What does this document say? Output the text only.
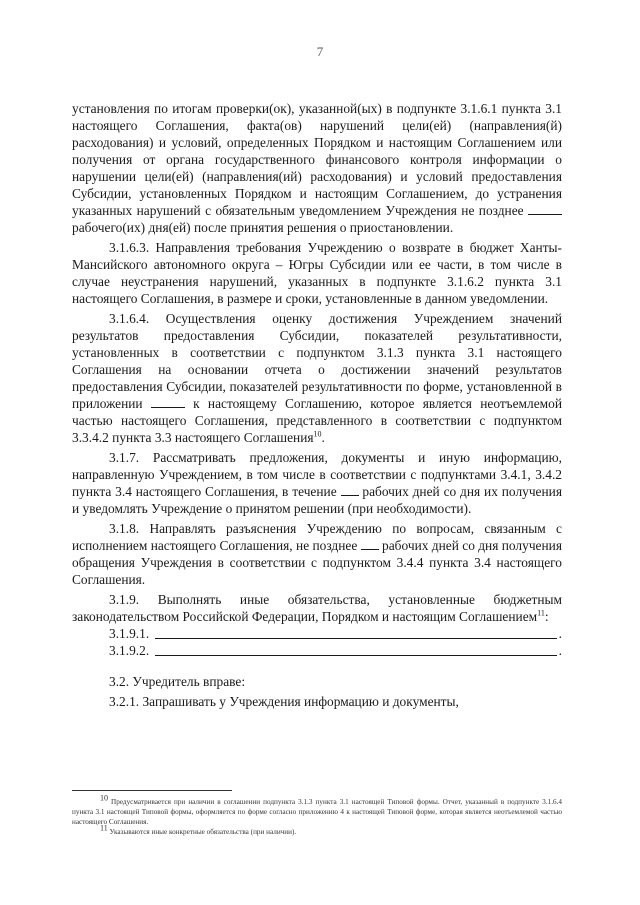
7

установления по итогам проверки(ок), указанной(ых) в подпункте 3.1.6.1 пункта 3.1 настоящего Соглашения, факта(ов) нарушений цели(ей) (направления(й) расходования) и условий, определенных Порядком и настоящим Соглашением или получения от органа государственного финансового контроля информации о нарушении цели(ей) (направления(ий) расходования) и условий предоставления Субсидии, установленных Порядком и настоящим Соглашением, до устранения указанных нарушений с обязательным уведомлением Учреждения не позднее  рабочего(их) дня(ей) после принятия решения о приостановлении.

3.1.6.3. Направления требования Учреждению о возврате в бюджет Ханты-Мансийского автономного округа – Югры Субсидии или ее части, в том числе в случае неустранения нарушений, указанных в подпункте 3.1.6.2 пункта 3.1 настоящего Соглашения, в размере и сроки, установленные в данном уведомлении.

3.1.6.4. Осуществления оценку достижения Учреждением значений результатов предоставления Субсидии, показателей результативности, установленных в соответствии с подпунктом 3.1.3 пункта 3.1 настоящего Соглашения на основании отчета о достижении значений результатов предоставления Субсидии, показателей результативности по форме, установленной в приложении	к настоящему Соглашению, которое является неотъемлемой частью настоящего Соглашения, представленного в соответствии с подпунктом 3.3.4.2 пункта 3.3 настоящего Соглашения$^{10}$.

3.1.7. Рассматривать предложения, документы и иную информацию, направленную Учреждением, в том числе в соответствии с подпунктами 3.4.1, 3.4.2 пункта 3.4 настоящего Соглашения, в течение рабочих дней со дня их получения и уведомлять Учреждение о принятом решении (при необходимости).

3.1.8. Направлять разъяснения Учреждению по вопросам, связанным с исполнением настоящего Соглашения, не позднее рабочих дней со дня получения обращения Учреждения в соответствии с подпунктом 3.4.4 пункта 3.4 настоящего Соглашения.

3.1.9. Выполнять иные обязательства, установленные бюджетным законодательством Российской Федерации, Порядком и настоящим Соглашением$^{11}$:

3.1.9.1.	.
3.1.9.2.	.

3.2. Учредитель вправе:

3.2.1. Запрашивать у Учреждения информацию и документы,

$^{10}$ Предусматривается при наличии в соглашении подпункта 3.1.3 пункта 3.1 настоящей Типовой формы. Отчет, указанный в подпункте 3.1.6.4 пункта 3.1 настоящей Типовой формы, оформляется по форме согласно приложению 4 к настоящей Типовой форме, которая является неотъемлемой частью настоящего Соглашения.

$^{11}$ Указываются иные конкретные обязательства (при наличии).
